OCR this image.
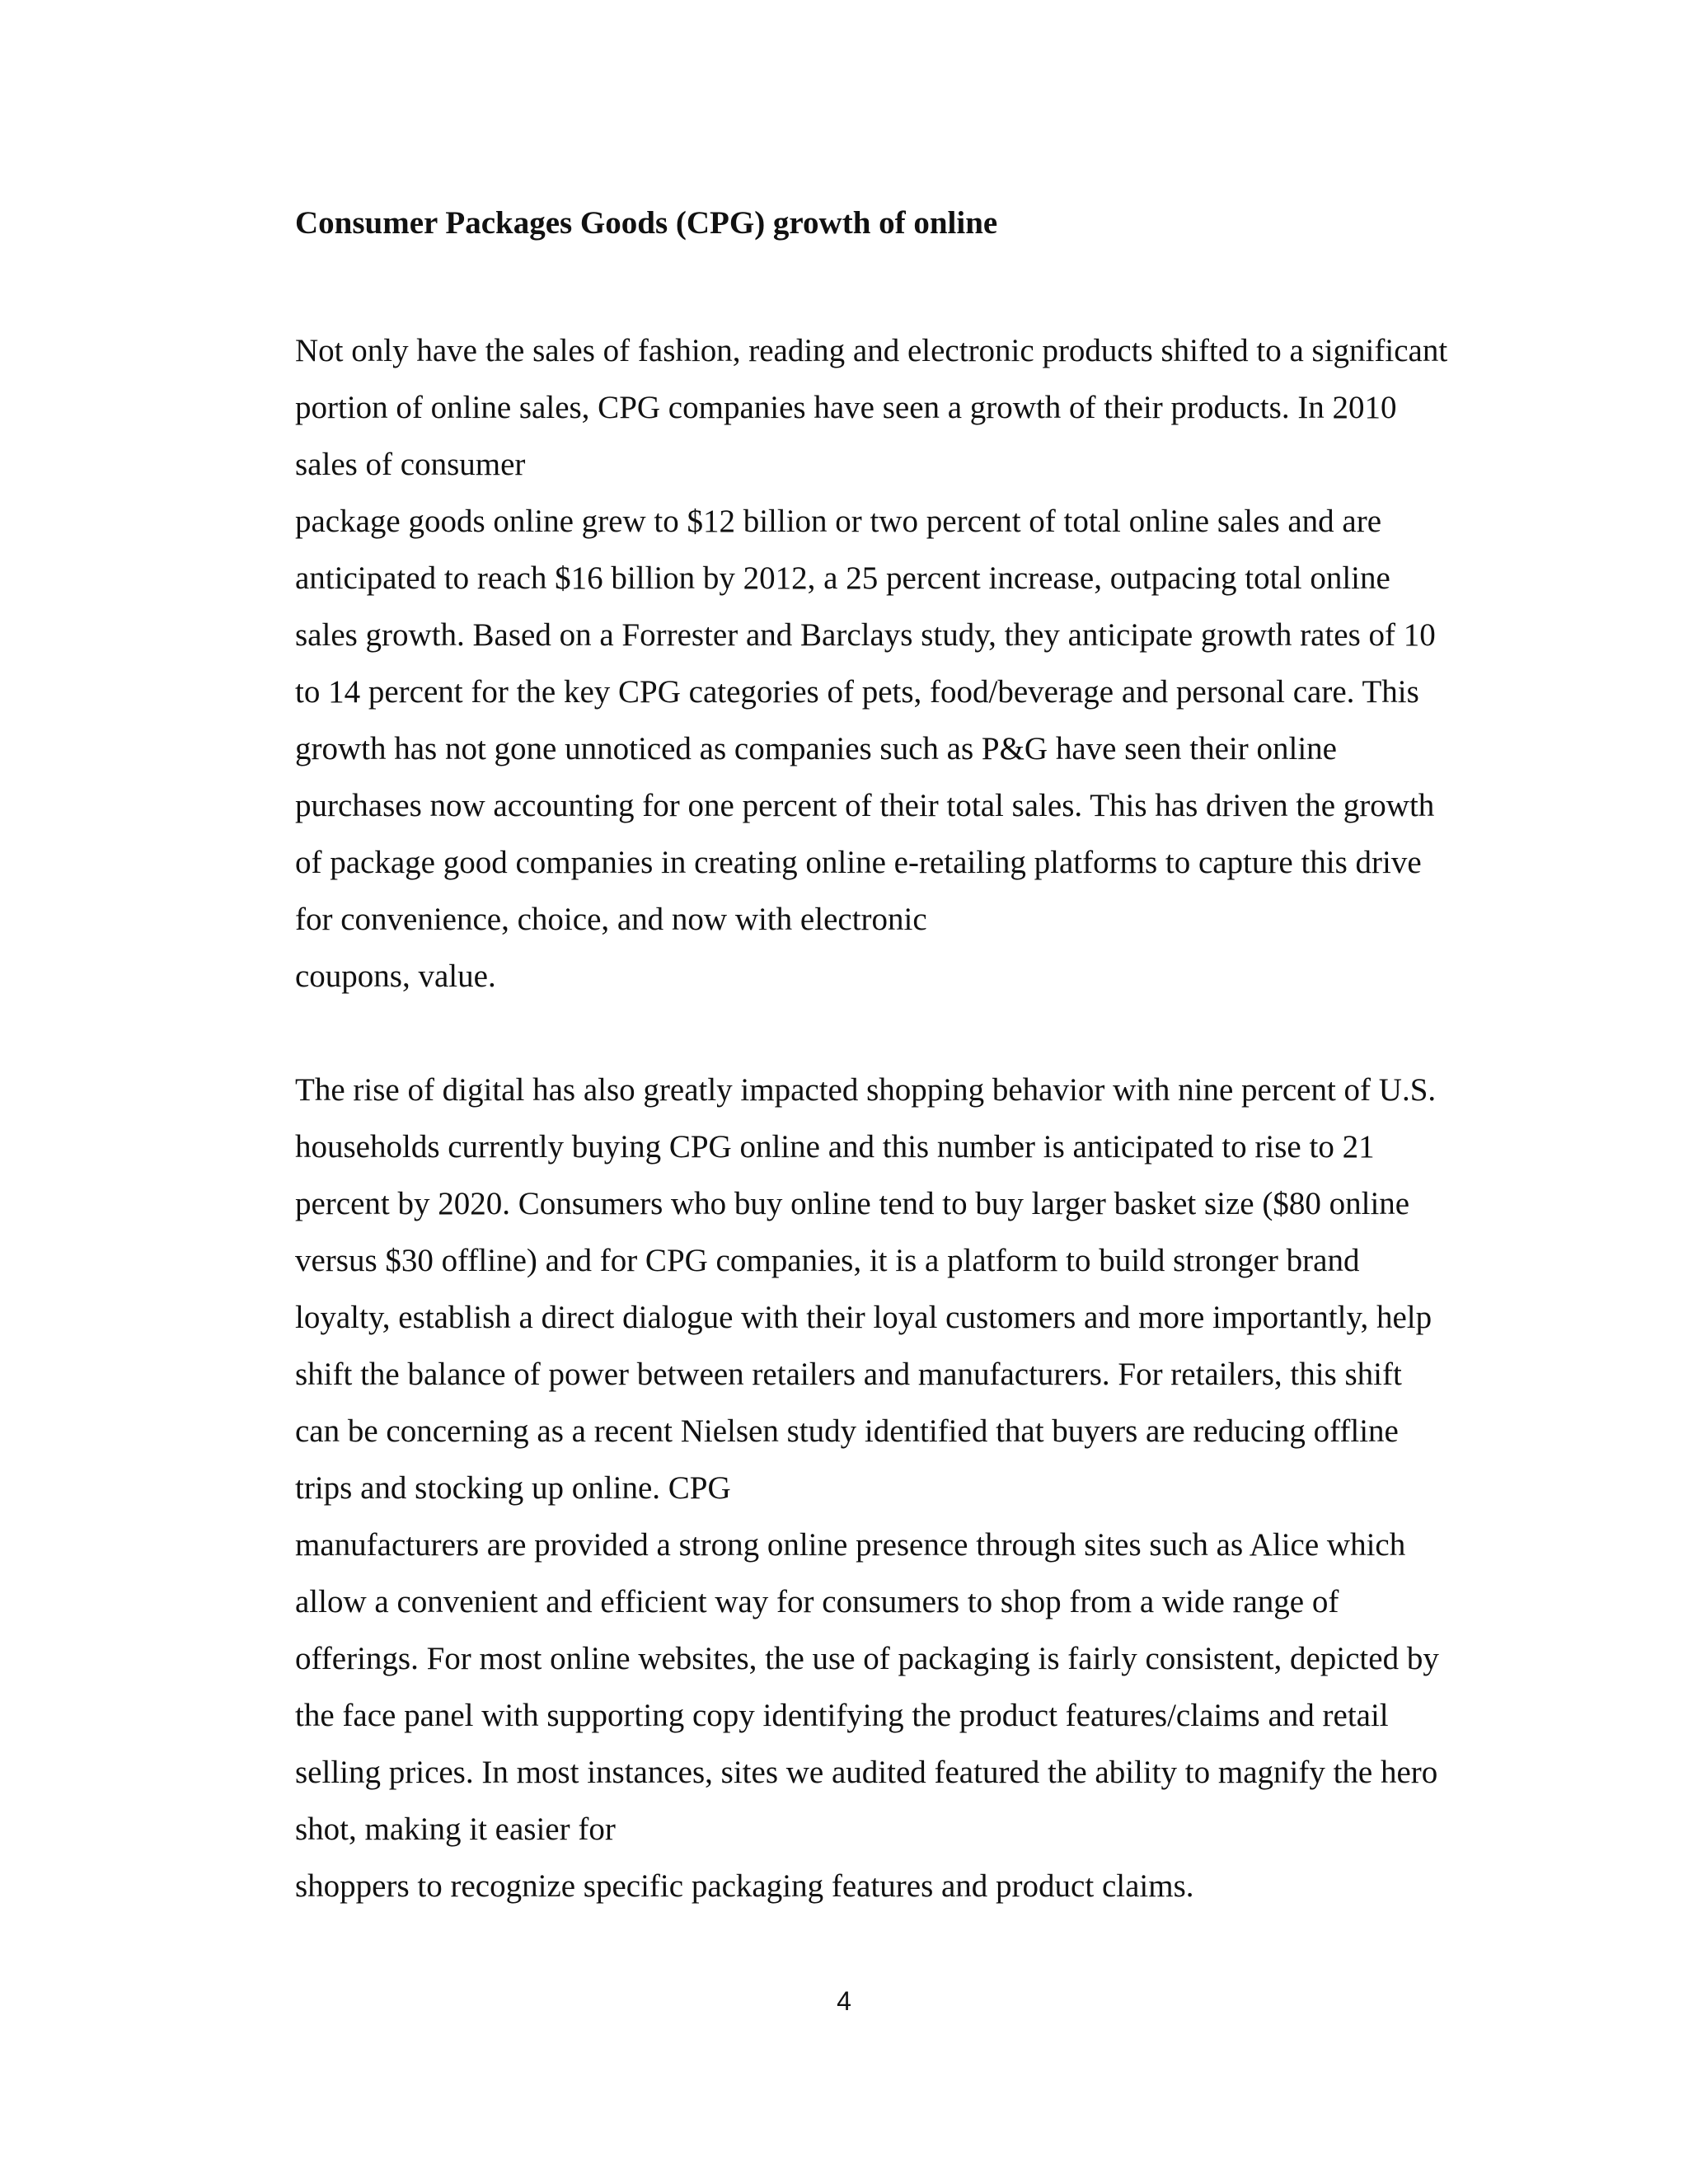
Consumer Packages Goods (CPG) growth of online

Not only have the sales of fashion, reading and electronic products shifted to a significant
portion of online sales, CPG companies have seen a growth of their products. In 2010
sales of consumer
package goods online grew to $12 billion or two percent of total online sales and are
anticipated to reach $16 billion by 2012, a 25 percent increase, outpacing total online
sales growth. Based on a Forrester and Barclays study, they anticipate growth rates of 10
to 14 percent for the key CPG categories of pets, food/beverage and personal care. This
growth has not gone unnoticed as companies such as P&G have seen their online
purchases now accounting for one percent of their total sales. This has driven the growth
of package good companies in creating online e-retailing platforms to capture this drive
for convenience, choice, and now with electronic
coupons, value.
The rise of digital has also greatly impacted shopping behavior with nine percent of U.S.
households currently buying CPG online and this number is anticipated to rise to 21
percent by 2020. Consumers who buy online tend to buy larger basket size ($80 online
versus $30 offline) and for CPG companies, it is a platform to build stronger brand
loyalty, establish a direct dialogue with their loyal customers and more importantly, help
shift the balance of power between retailers and manufacturers. For retailers, this shift
can be concerning as a recent Nielsen study identified that buyers are reducing offline
trips and stocking up online. CPG
manufacturers are provided a strong online presence through sites such as Alice which
allow a convenient and efficient way for consumers to shop from a wide range of
offerings. For most online websites, the use of packaging is fairly consistent, depicted by
the face panel with supporting copy identifying the product features/claims and retail
selling prices. In most instances, sites we audited featured the ability to magnify the hero
shot, making it easier for
shoppers to recognize specific packaging features and product claims.
4
